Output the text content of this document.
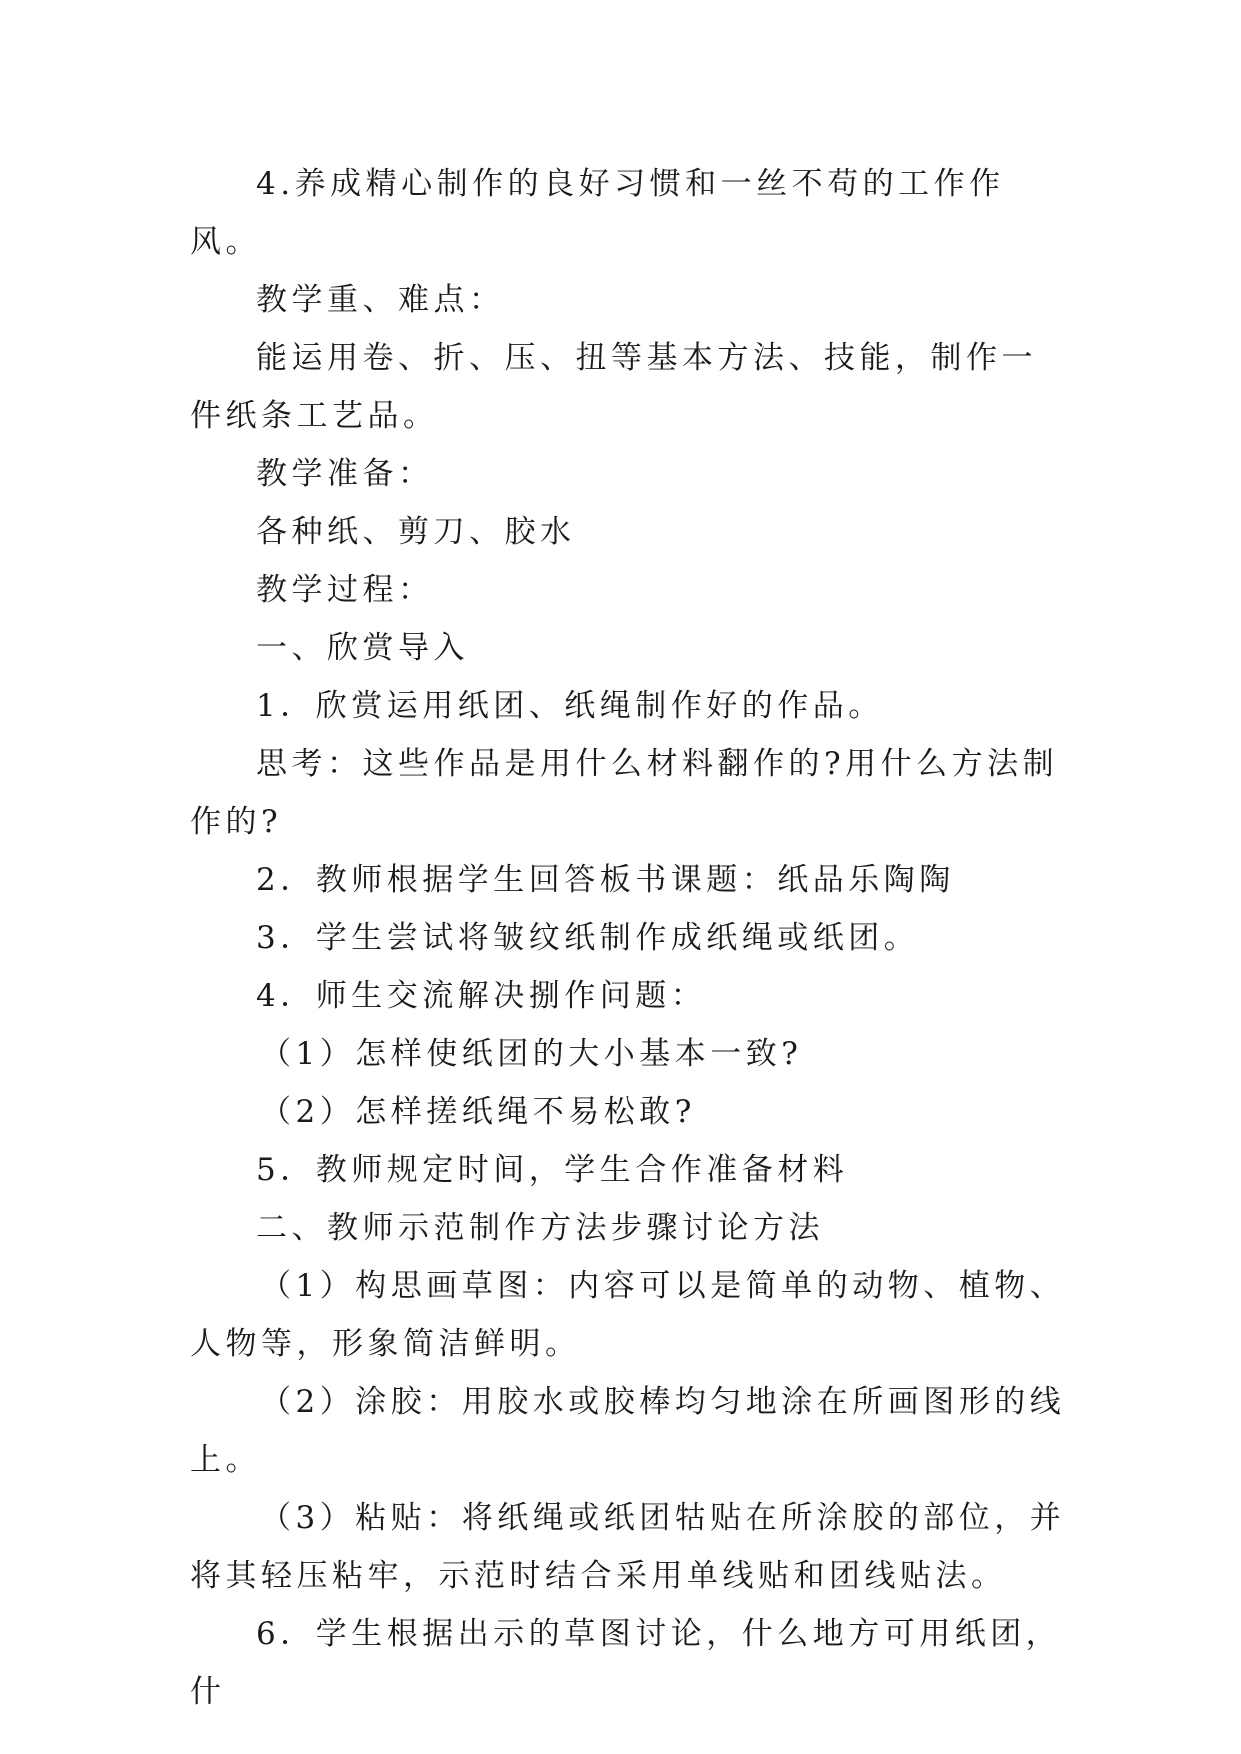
4.养成精心制作的良好习惯和一丝不苟的工作作风。

教学重、难点：

能运用卷、折、压、扭等基本方法、技能，制作一件纸条工艺品。

教学准备：

各种纸、剪刀、胶水

教学过程：

一、欣赏导入

1．欣赏运用纸团、纸绳制作好的作品。

思考：这些作品是用什么材料翻作的?用什么方法制作的?

2．教师根据学生回答板书课题：纸品乐陶陶

3．学生尝试将皱纹纸制作成纸绳或纸团。

4．师生交流解决捌作问题：

（1）怎样使纸团的大小基本一致?

（2）怎样搓纸绳不易松敢?

5．教师规定时间，学生合作准备材料

二、教师示范制作方法步骤讨论方法

（1）构思画草图：内容可以是简单的动物、植物、人物等，形象简洁鲜明。

（2）涂胶：用胶水或胶棒均匀地涂在所画图形的线上。

（3）粘贴：将纸绳或纸团牯贴在所涂胶的部位，并将其轻压粘牢，示范时结合采用单线贴和团线贴法。

6．学生根据出示的草图讨论，什么地方可用纸团，什
